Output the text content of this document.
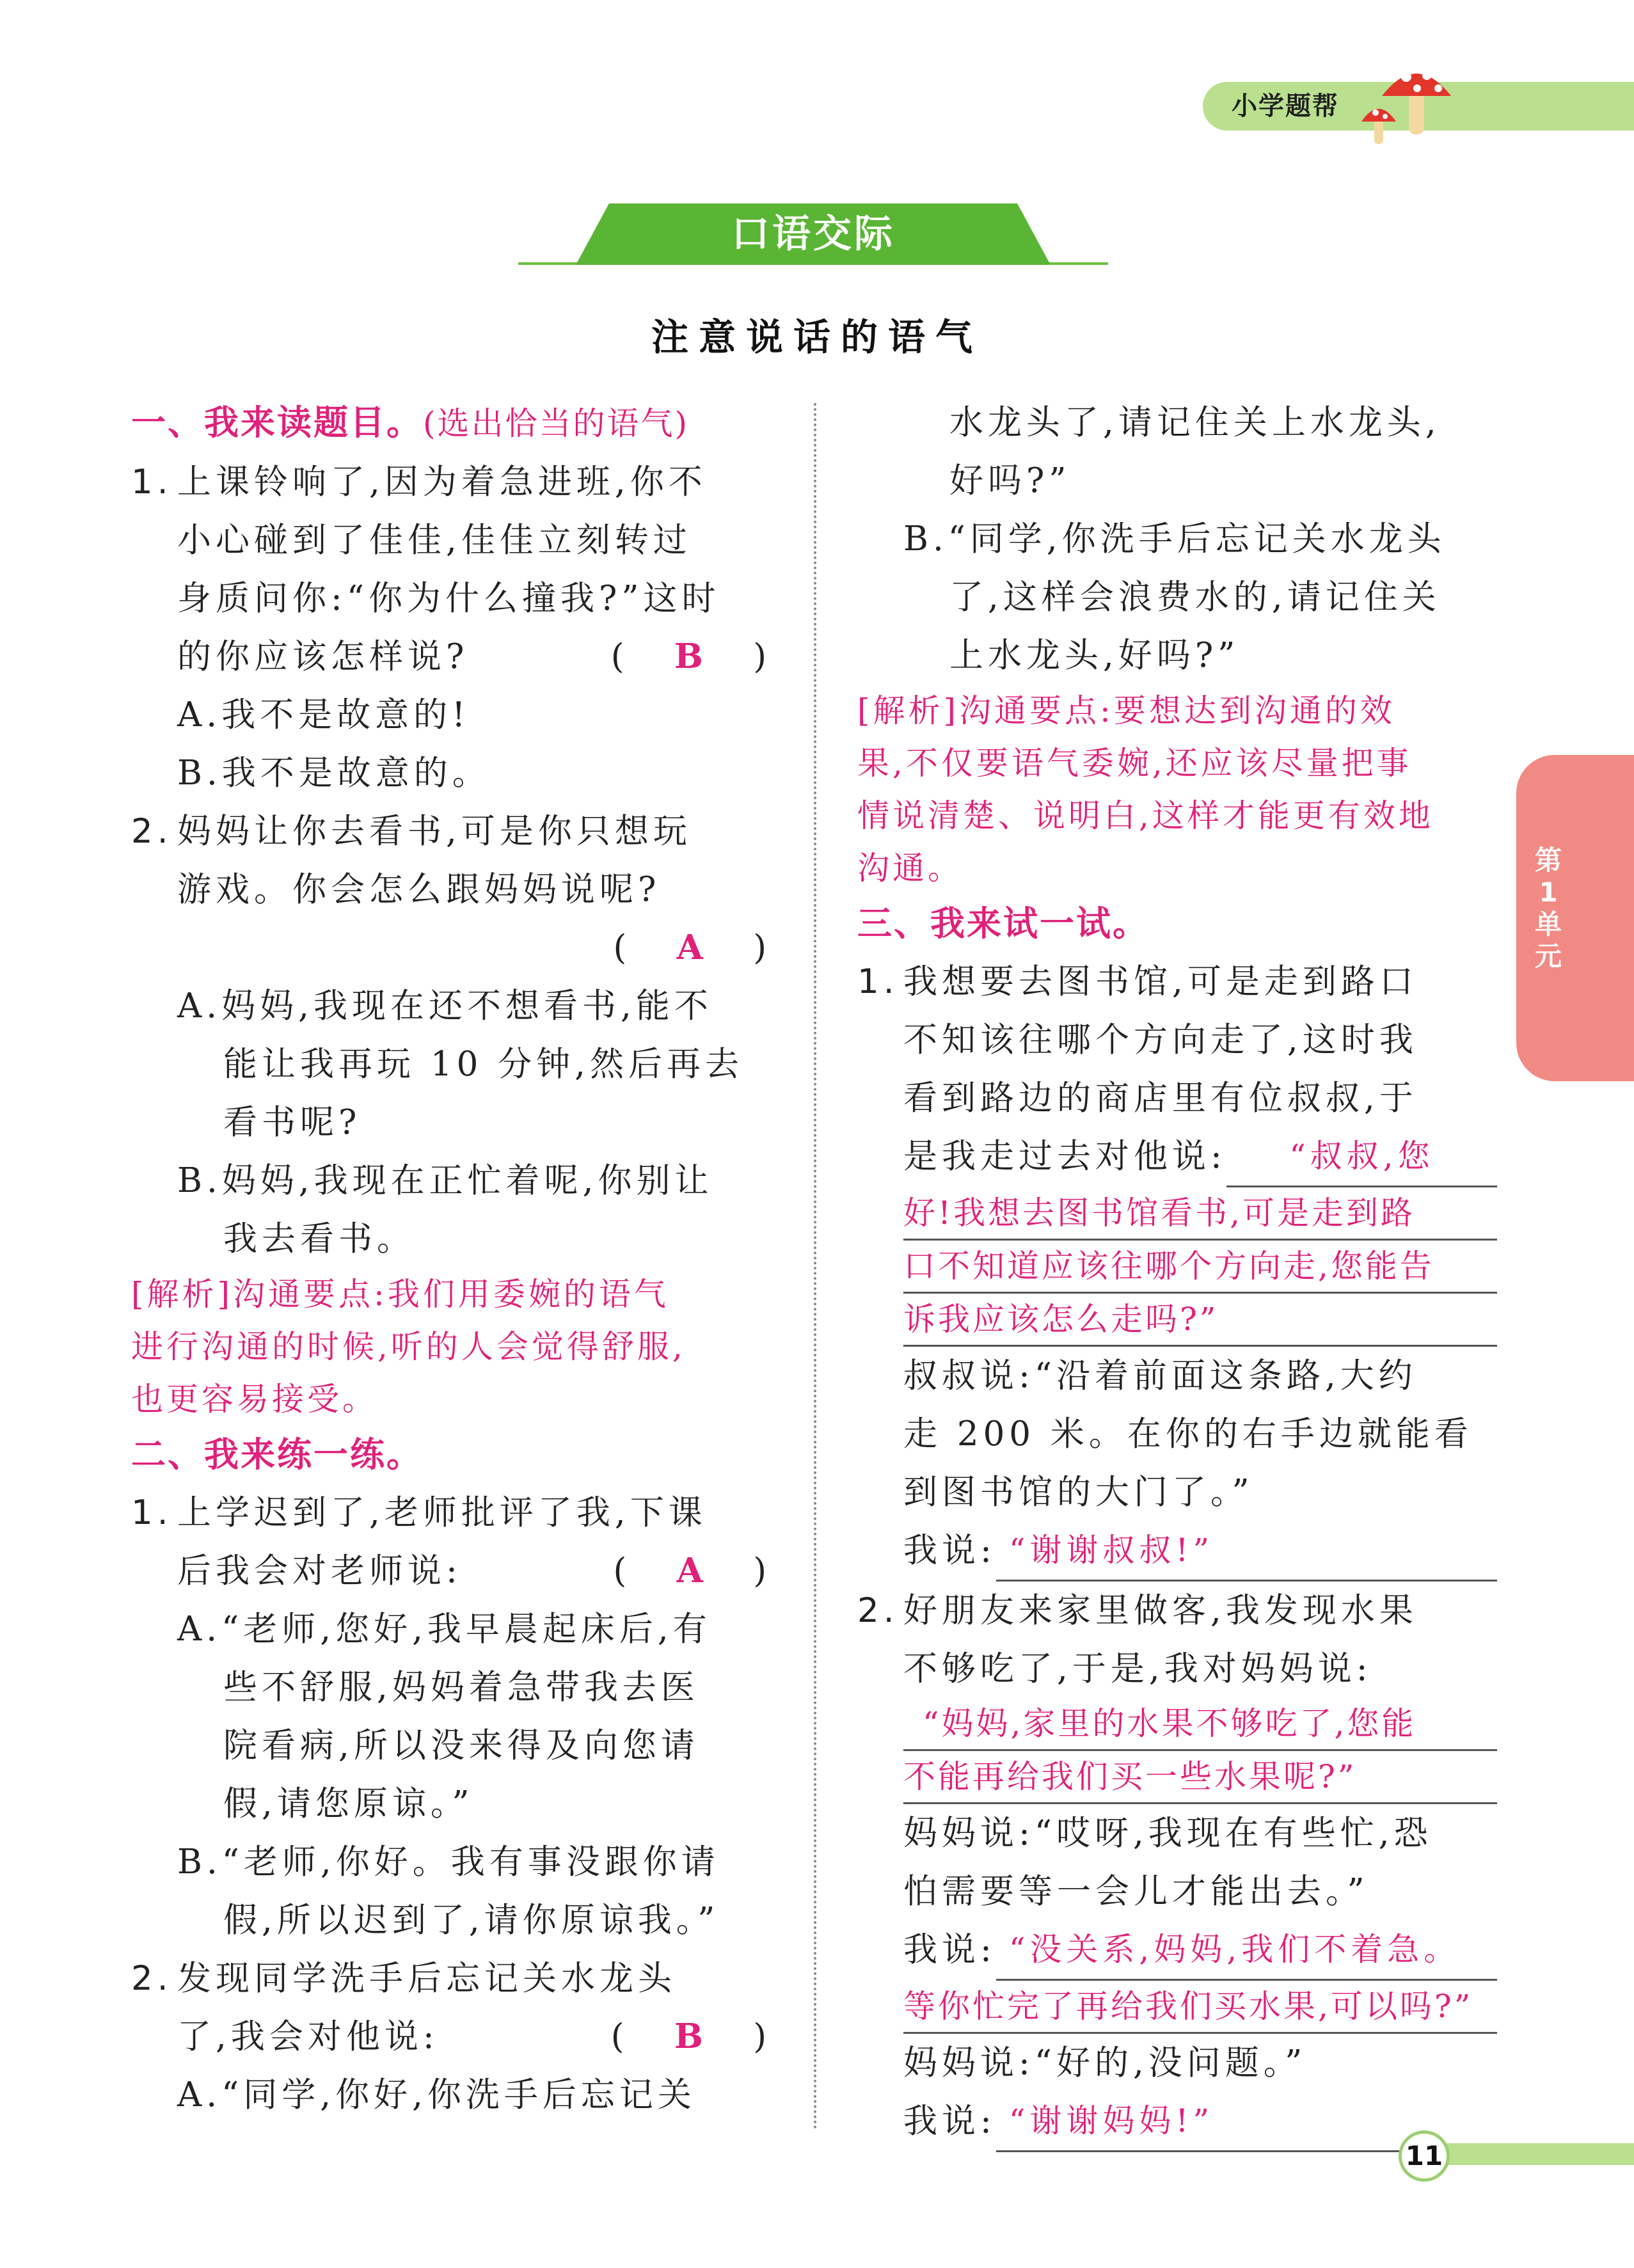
小学题帮
口语交际
注意说话的语气
一、我来读题目。(选出恰当的语气)
1. 上课铃响了,因为着急进班,你不
小心碰到了佳佳,佳佳立刻转过
身质问你:“你为什么撞我?”这时
的你应该怎样说?	(   B   )
A.我不是故意的!
B.我不是故意的。
2. 妈妈让你去看书,可是你只想玩
游戏。你会怎么跟妈妈说呢?
( A )
A.妈妈,我现在还不想看书,能不
能让我再玩 10 分钟,然后再去
看书呢?
B.妈妈,我现在正忙着呢,你别让
我去看书。
[解析]沟通要点:我们用委婉的语气
进行沟通的时候,听的人会觉得舒服,
也更容易接受。
二、我来练一练。
1. 上学迟到了,老师批评了我,下课
后我会对老师说:	(   A   )
A.“老师,您好,我早晨起床后,有
些不舒服,妈妈着急带我去医
院看病,所以没来得及向您请
假,请您原谅。”
B.“老师,你好。我有事没跟你请
假,所以迟到了,请你原谅我。”
2. 发现同学洗手后忘记关水龙头
了,我会对他说:	(   B   )
A.“同学,你好,你洗手后忘记关
水龙头了,请记住关上水龙头,
好吗?”
B.“同学,你洗手后忘记关水龙头
了,这样会浪费水的,请记住关
上水龙头,好吗?”
[解析]沟通要点:要想达到沟通的效
果,不仅要语气委婉,还应该尽量把事
情说清楚、说明白,这样才能更有效地
沟通。
三、我来试一试。
1. 我想要去图书馆,可是走到路口
不知该往哪个方向走了,这时我
看到路边的商店里有位叔叔,于
是我走过去对他说:	“叔叔,您
好!我想去图书馆看书,可是走到路
口不知道应该往哪个方向走,您能告
诉我应该怎么走吗?”
叔叔说:“沿着前面这条路,大约
走 200 米。在你的右手边就能看
到图书馆的大门了。”
我说: “谢谢叔叔!”
2. 好朋友来家里做客,我发现水果
不够吃了,于是,我对妈妈说:
“妈妈,家里的水果不够吃了,您能
不能再给我们买一些水果呢?”
妈妈说:“哎呀,我现在有些忙,恐
怕需要等一会儿才能出去。”
我说: “没关系,妈妈,我们不着急。
等你忙完了再给我们买水果,可以吗?”
妈妈说:“好的,没问题。”
我说: “谢谢妈妈!”
第1单元
11
